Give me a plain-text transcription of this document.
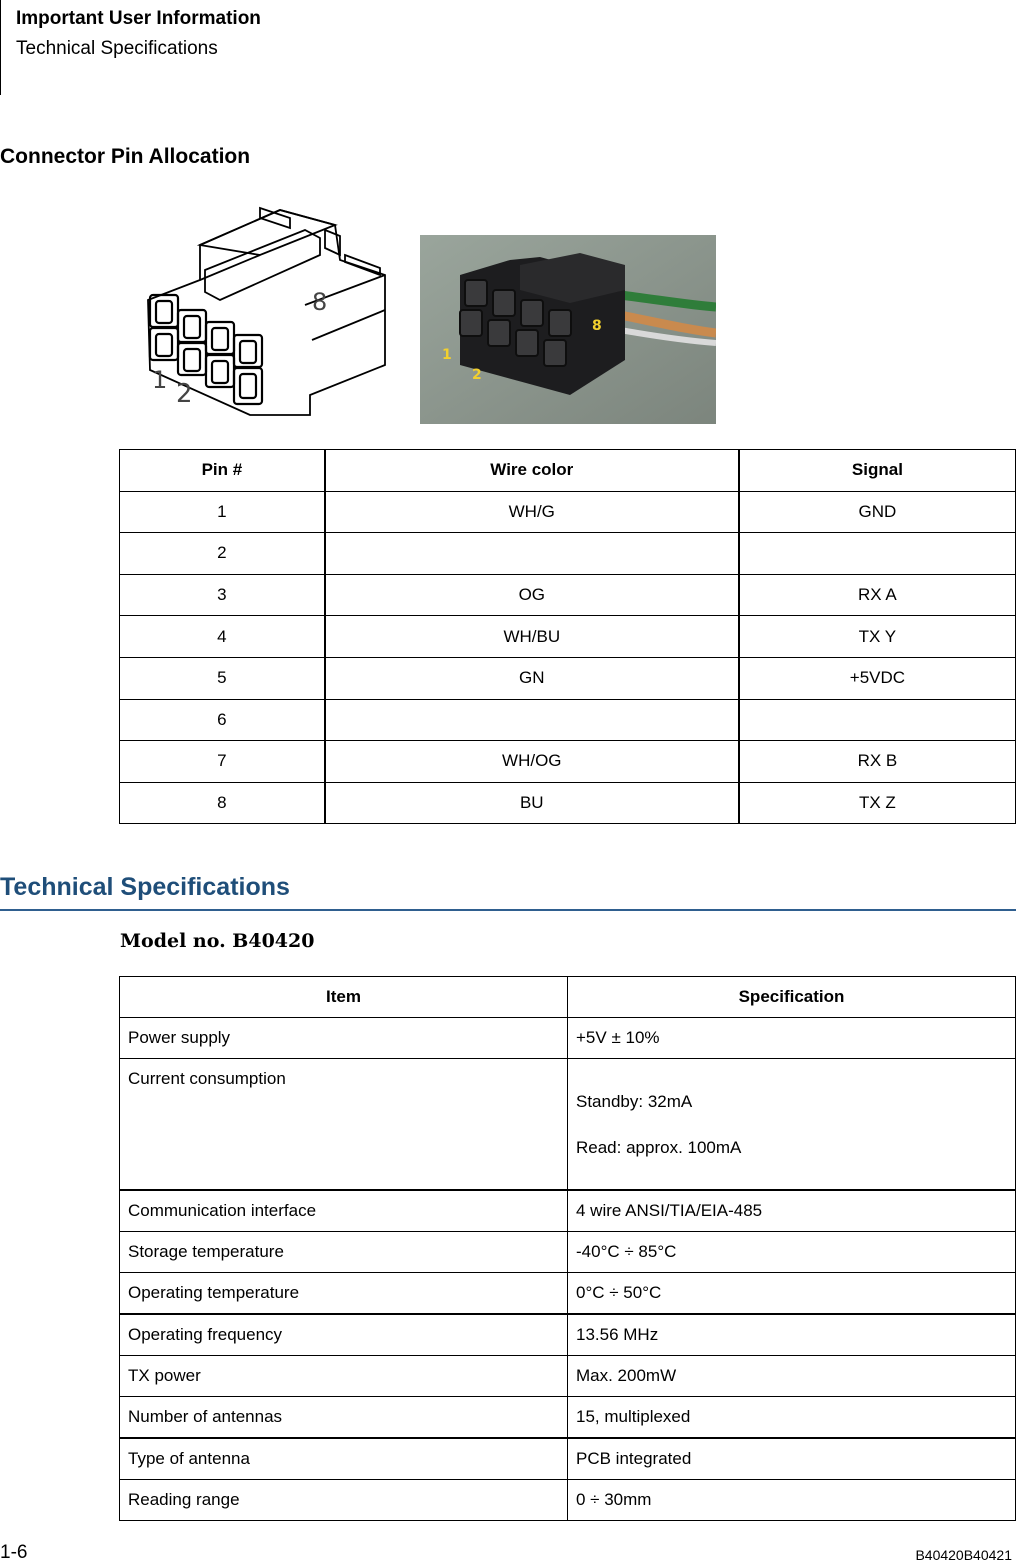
Important User Information
Technical Specifications
Connector Pin Allocation
1 2
8
1
2
8
Pin #	Wire color	Signal
1	WH/G	GND
2		
3	OG	RX A
4	WH/BU	TX Y
5	GN	+5VDC
6		
7	WH/OG	RX B
8	BU	TX Z
Technical Specifications
Model no. B40420
Item	Specification
Power supply	+5V ± 10%
Current consumption	Standby: 32mA
Read: approx. 100mA

Communication interface	4 wire ANSI/TIA/EIA-485
Storage temperature	-40°C ÷ 85°C
Operating temperature	0°C ÷ 50°C
Operating frequency	13.56 MHz
TX power	Max. 200mW
Number of antennas	15, multiplexed
Type of antenna	PCB integrated
Reading range	0 ÷ 30mm
1-6	B40420B40421
